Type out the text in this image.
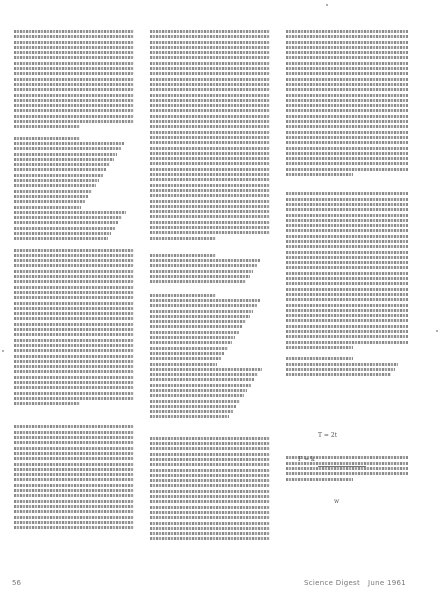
T = 2t
F = k
w
56	Science Digest June 1961
